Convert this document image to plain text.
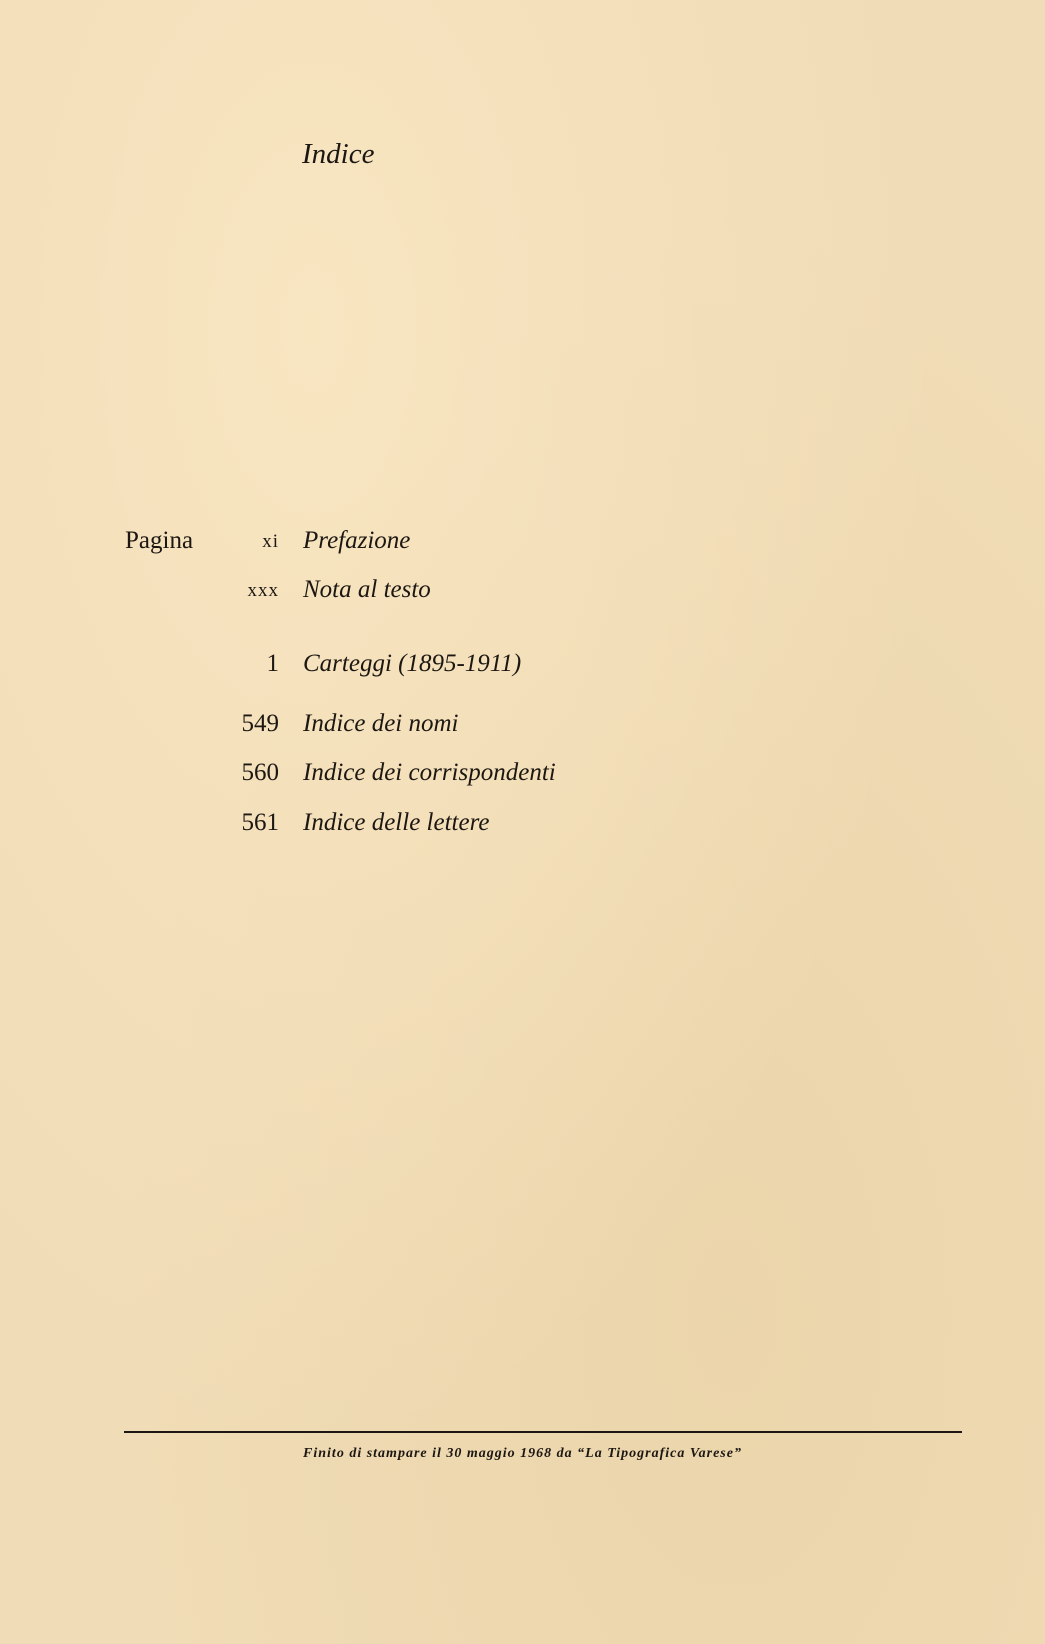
Indice
Pagina	xi Prefazione
xxx Nota al testo
1 Carteggi (1895-1911)
549 Indice dei nomi
560 Indice dei corrispondenti
561 Indice delle lettere
Finito di stampare il 30 maggio 1968 da “La Tipografica Varese”
